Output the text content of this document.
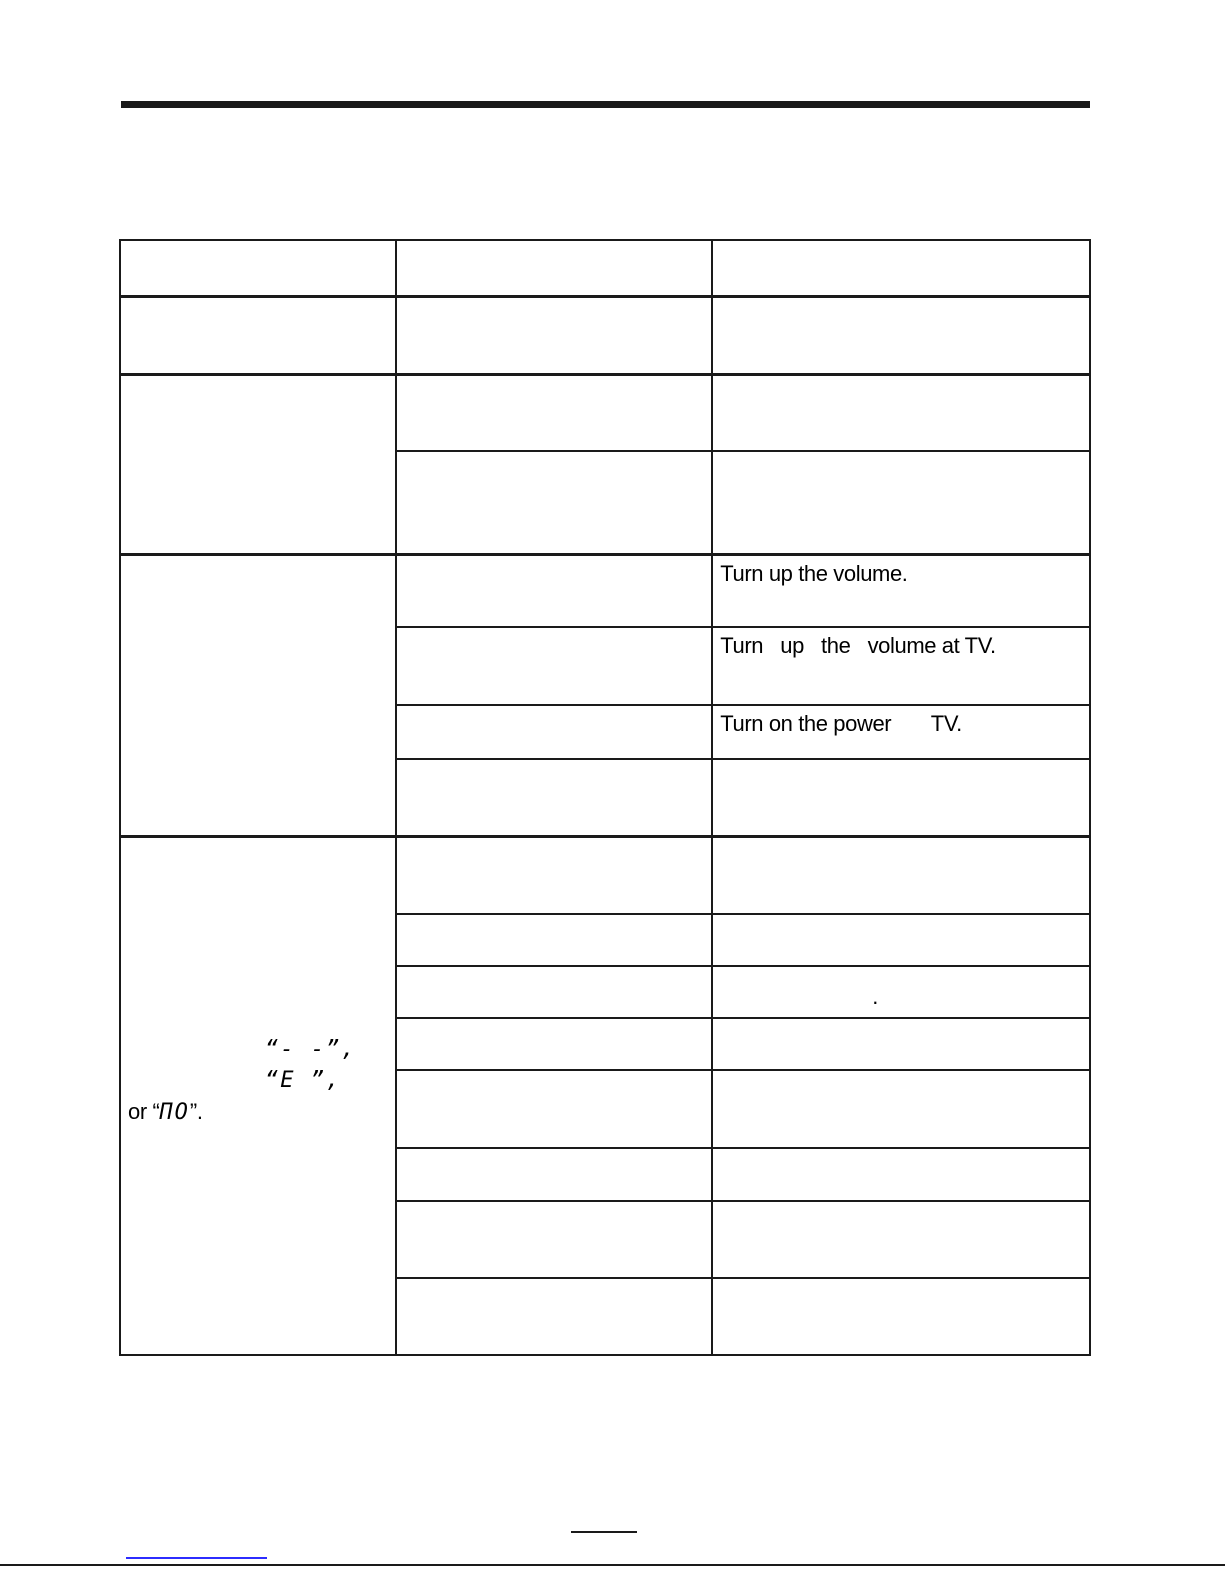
		Turn up the volume.
		Turn   up   the   volume at TV.
		Turn on the power       TV.

“- -”, “E ”,
or “ПО”.		

		.
